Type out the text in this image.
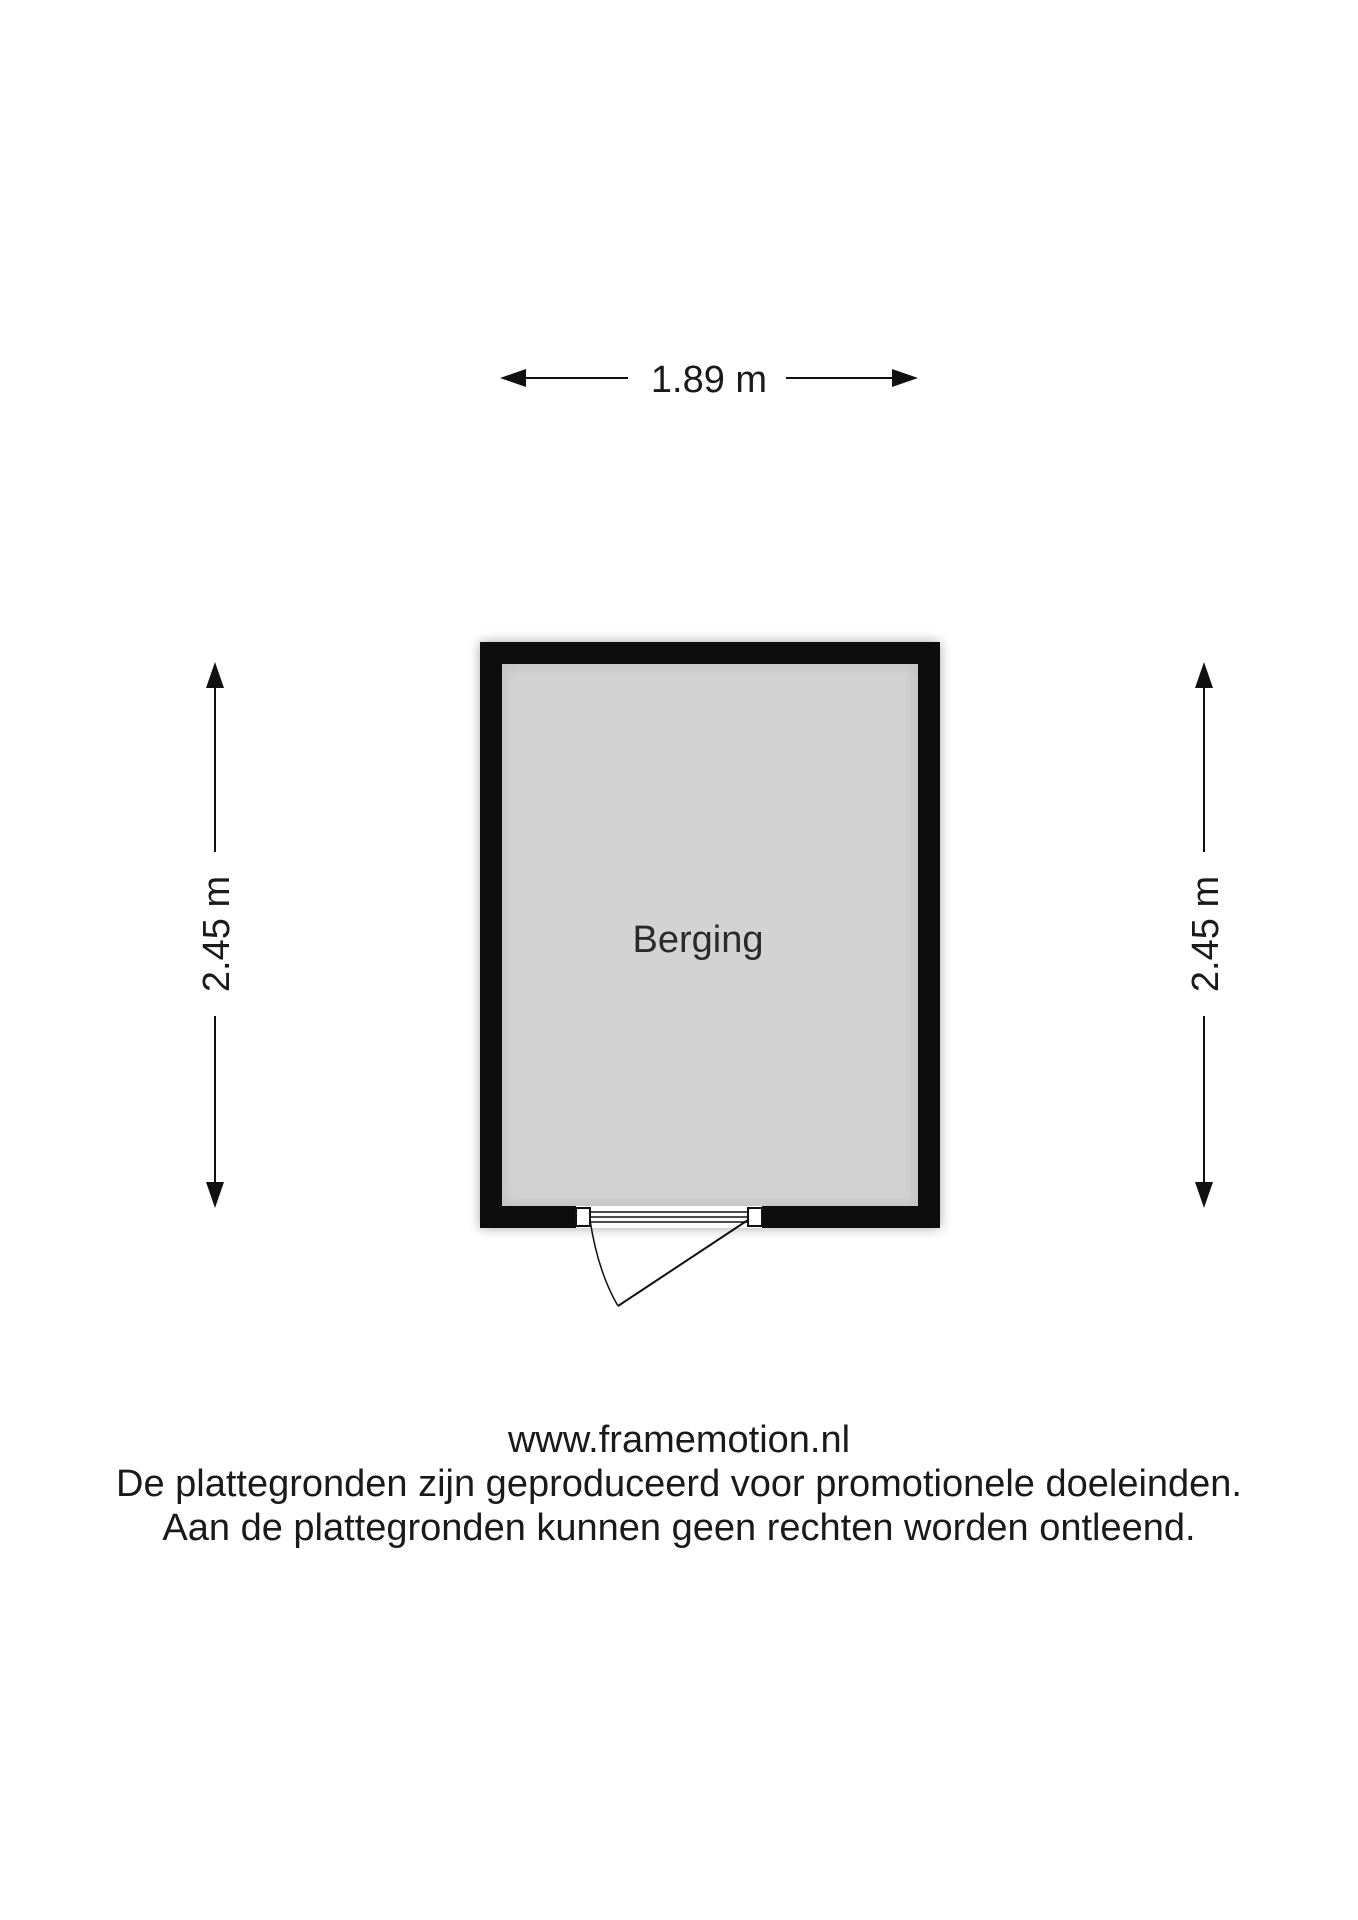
1.89 m
2.45 m	2.45 m
Berging
www.framemotion.nl
De plattegronden zijn geproduceerd voor promotionele doeleinden.
Aan de plattegronden kunnen geen rechten worden ontleend.
